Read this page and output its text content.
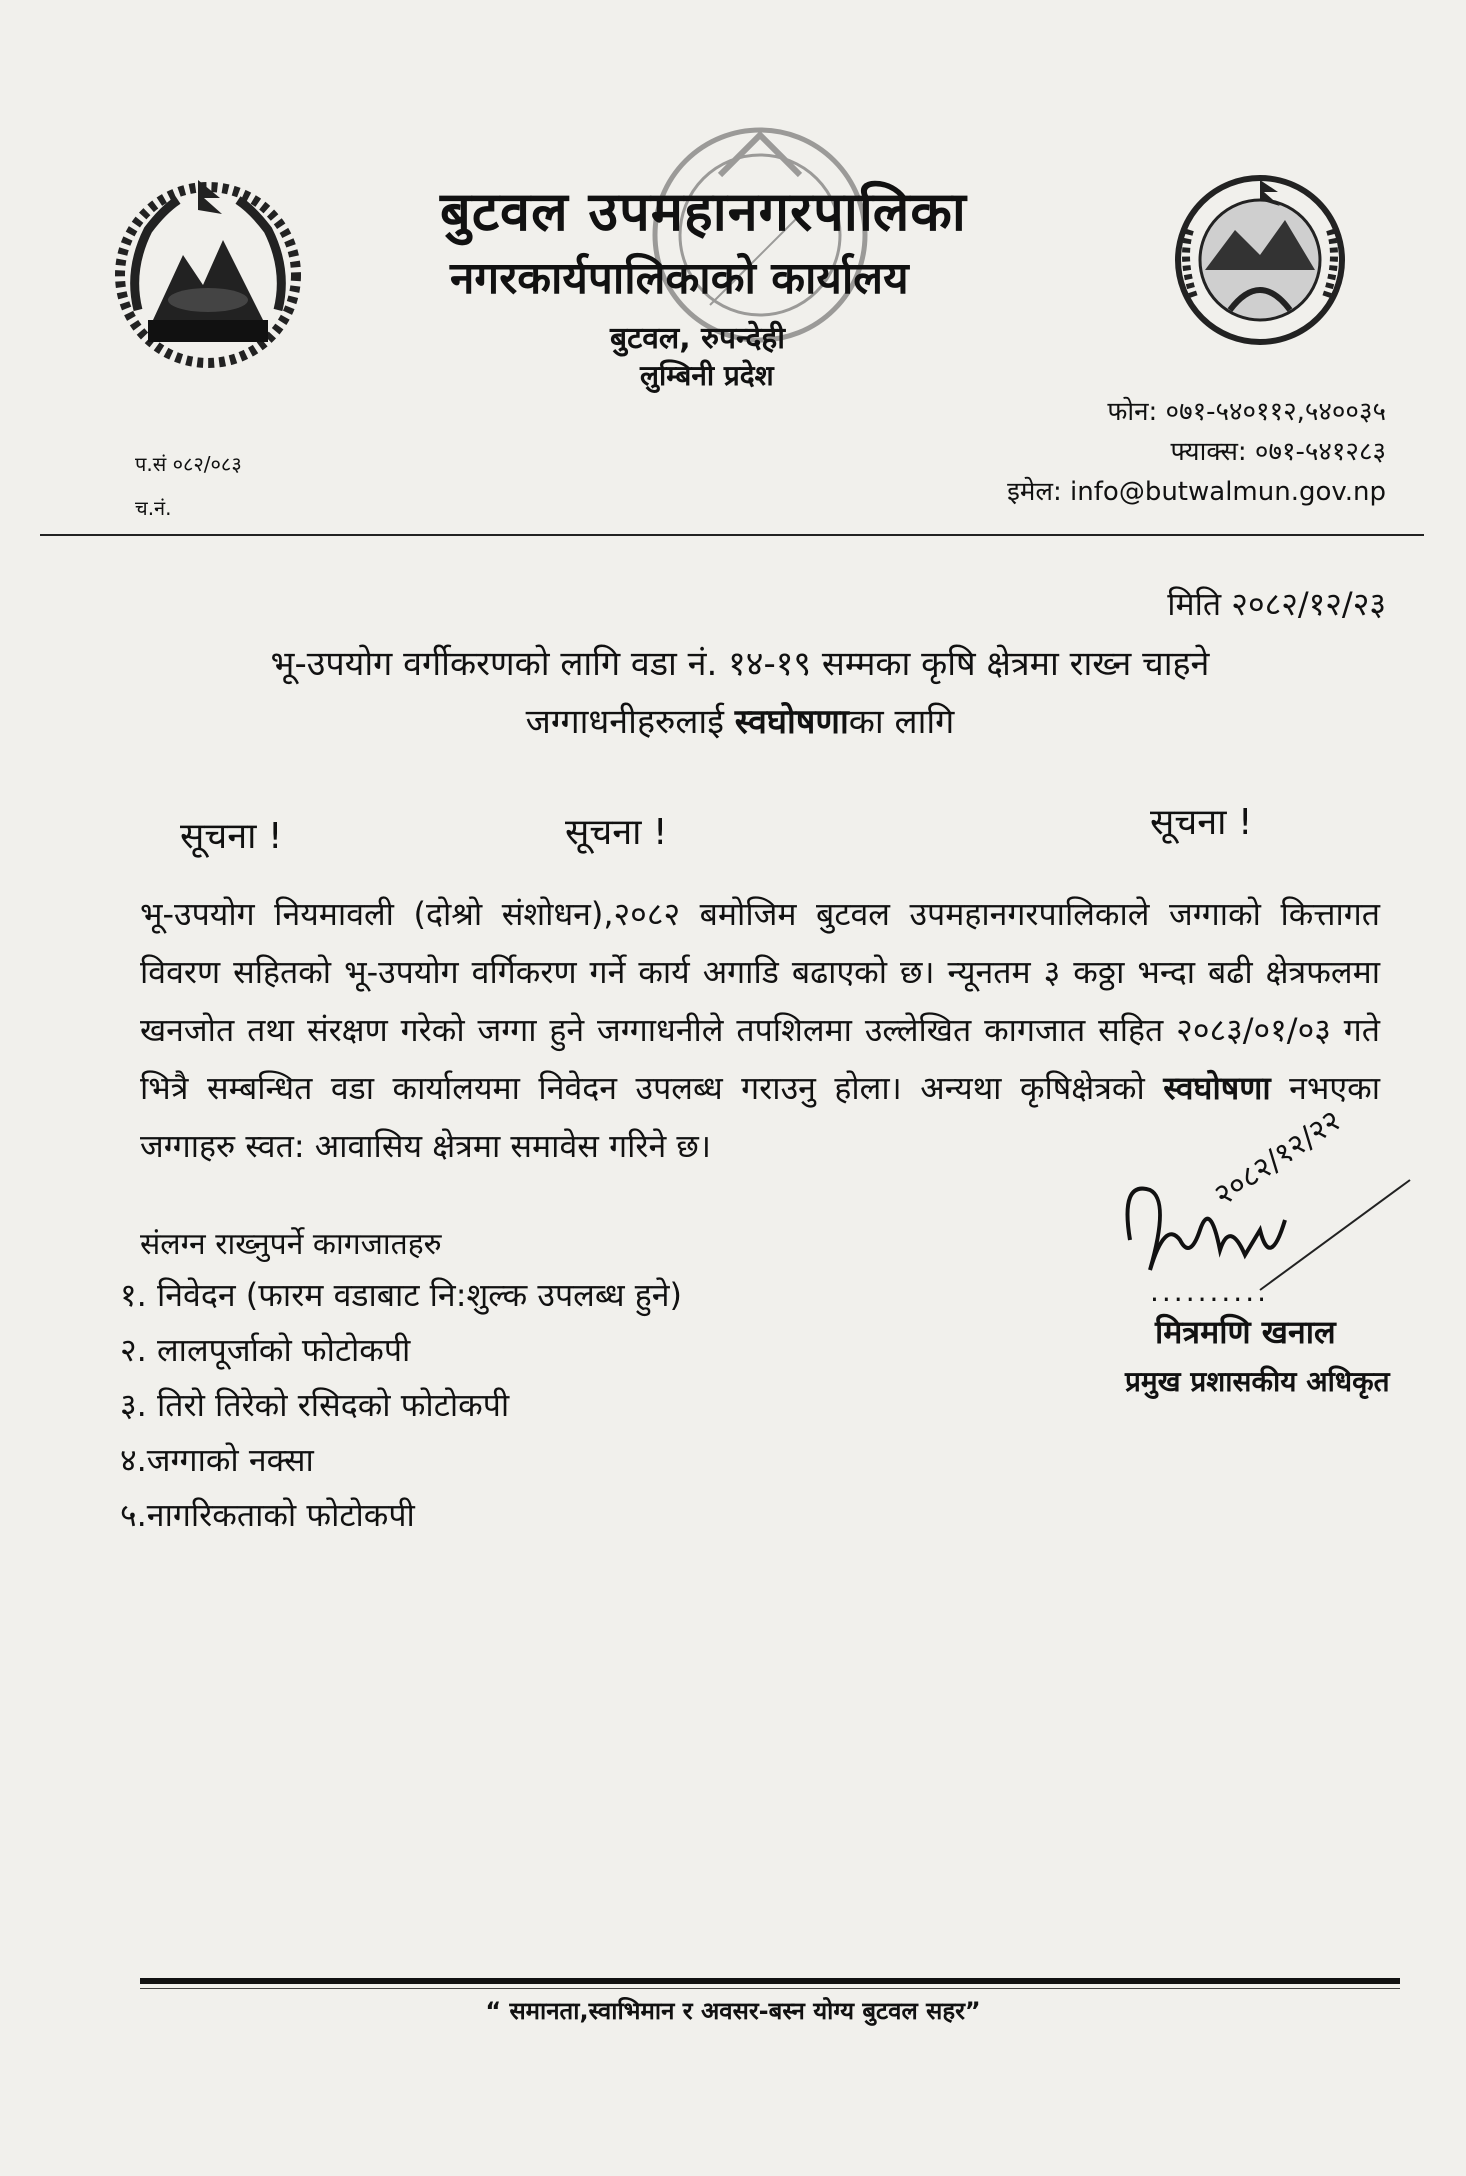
बुटवल उपमहानगरपालिका
नगरकार्यपालिकाको कार्यालय
बुटवल, रुपन्देही
लुम्बिनी प्रदेश
फोन: ०७१-५४०११२,५४००३५
फ्याक्स: ०७१-५४१२८३
इमेल: info@butwalmun.gov.np
प.सं ०८२/०८३
च.नं.
मिति २०८२/१२/२३
भू-उपयोग वर्गीकरणको लागि वडा नं. १४-१९ सम्मका कृषि क्षेत्रमा राख्न चाहने
जग्गाधनीहरुलाई स्वघोषणाका लागि
सूचना !	सूचना !	सूचना !
भू-उपयोग नियमावली (दोश्रो संशोधन),२०८२ बमोजिम बुटवल उपमहानगरपालिकाले जग्गाको कित्तागत विवरण सहितको भू-उपयोग वर्गिकरण गर्ने कार्य अगाडि बढाएको छ। न्यूनतम ३ कठ्ठा भन्दा बढी क्षेत्रफलमा खनजोत तथा संरक्षण गरेको जग्गा हुने जग्गाधनीले तपशिलमा उल्लेखित कागजात सहित २०८३/०१/०३ गते भित्रै सम्बन्धित वडा कार्यालयमा निवेदन उपलब्ध गराउनु होला। अन्यथा कृषिक्षेत्रको स्वघोषणा नभएका जग्गाहरु स्वत: आवासिय क्षेत्रमा समावेस गरिने छ।
संलग्न राख्नुपर्ने कागजातहरु
१. निवेदन (फारम वडाबाट नि:शुल्क उपलब्ध हुने)
२. लालपूर्जाको फोटोकपी
३. तिरो तिरेको रसिदको फोटोकपी
४.जग्गाको नक्सा
५.नागरिकताको फोटोकपी
२०८२/१२/२२
..........
मित्रमणि खनाल
प्रमुख प्रशासकीय अधिकृत
“ समानता,स्वाभिमान र अवसर-बस्न योग्य बुटवल सहर”
